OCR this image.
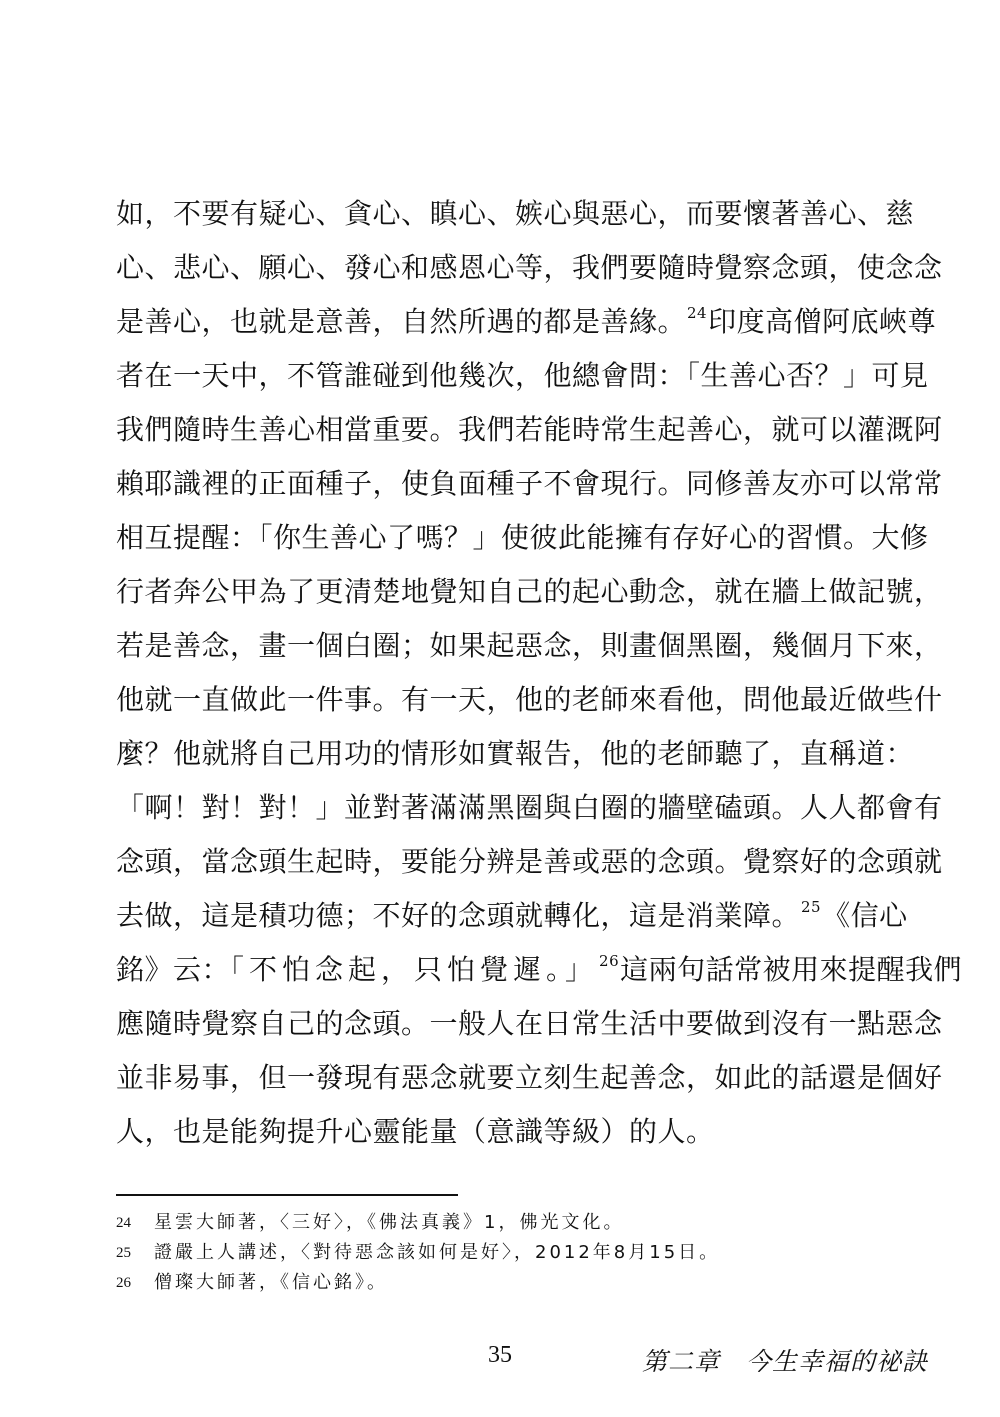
如，不要有疑心、貪心、瞋心、嫉心與惡心，而要懷著善心、慈
心、悲心、願心、發心和感恩心等，我們要隨時覺察念頭，使念念
是善心，也就是意善，自然所遇的都是善緣。$^{24}$印度高僧阿底峽尊
者在一天中，不管誰碰到他幾次，他總會問：「生善心否？」可見
我們隨時生善心相當重要。我們若能時常生起善心，就可以灌溉阿
賴耶識裡的正面種子，使負面種子不會現行。同修善友亦可以常常
相互提醒：「你生善心了嗎？」使彼此能擁有存好心的習慣。大修
行者奔公甲為了更清楚地覺知自己的起心動念，就在牆上做記號，
若是善念，畫一個白圈；如果起惡念，則畫個黑圈，幾個月下來，
他就一直做此一件事。有一天，他的老師來看他，問他最近做些什
麼？他就將自己用功的情形如實報告，他的老師聽了，直稱道：
「啊！對！對！」並對著滿滿黑圈與白圈的牆壁磕頭。人人都會有
念頭，當念頭生起時，要能分辨是善或惡的念頭。覺察好的念頭就
去做，這是積功德；不好的念頭就轉化，這是消業障。$^{25}$《信心
銘》云：「不怕念起，只怕覺遲。」$^{26}$這兩句話常被用來提醒我們
應隨時覺察自己的念頭。一般人在日常生活中要做到沒有一點惡念
並非易事，但一發現有惡念就要立刻生起善念，如此的話還是個好
人，也是能夠提升心靈能量（意識等級）的人。
24	星雲大師著，〈三好〉，《佛法真義》1，佛光文化。
25	證嚴上人講述，〈對待惡念該如何是好〉，2012年8月15日。
26	僧璨大師著，《信心銘》。
35	第二章　今生幸福的祕訣
